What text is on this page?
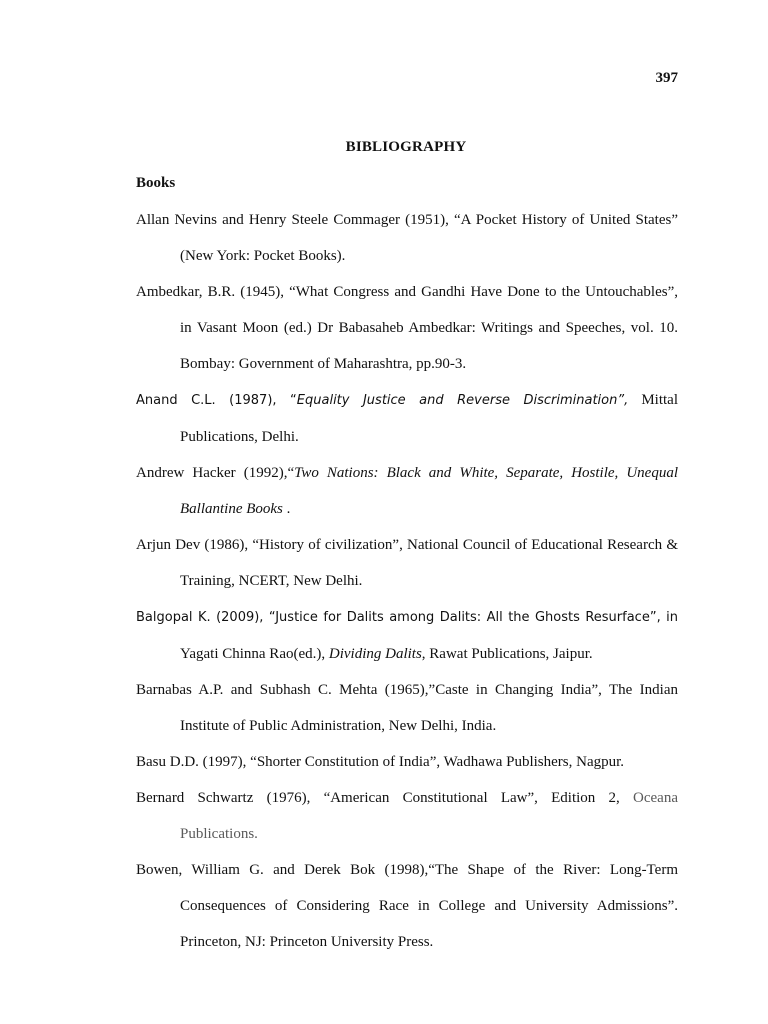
397
BIBLIOGRAPHY
Books

Allan Nevins and Henry Steele Commager (1951), “A Pocket History of United States” (New York: Pocket Books).

Ambedkar, B.R. (1945), “What Congress and Gandhi Have Done to the Untouchables”, in Vasant Moon (ed.) Dr Babasaheb Ambedkar: Writings and Speeches, vol. 10. Bombay: Government of Maharashtra, pp.90-3.

Anand C.L. (1987), “Equality Justice and Reverse Discrimination”, Mittal Publications, Delhi.

Andrew Hacker (1992),“Two Nations: Black and White, Separate, Hostile, Unequal Ballantine Books .

Arjun Dev (1986), “History of civilization”, National Council of Educational Research & Training, NCERT, New Delhi.

Balgopal K. (2009), “Justice for Dalits among Dalits: All the Ghosts Resurface”, in Yagati Chinna Rao(ed.), Dividing Dalits, Rawat Publications, Jaipur.

Barnabas A.P. and Subhash C. Mehta (1965),”Caste in Changing India”, The Indian Institute of Public Administration, New Delhi, India.

Basu D.D. (1997), “Shorter Constitution of India”, Wadhawa Publishers, Nagpur.

Bernard Schwartz (1976), “American Constitutional Law”, Edition 2, Oceana Publications.

Bowen, William G. and Derek Bok (1998),“The Shape of the River: Long-Term Consequences of Considering Race in College and University Admissions”. Princeton, NJ: Princeton University Press.
